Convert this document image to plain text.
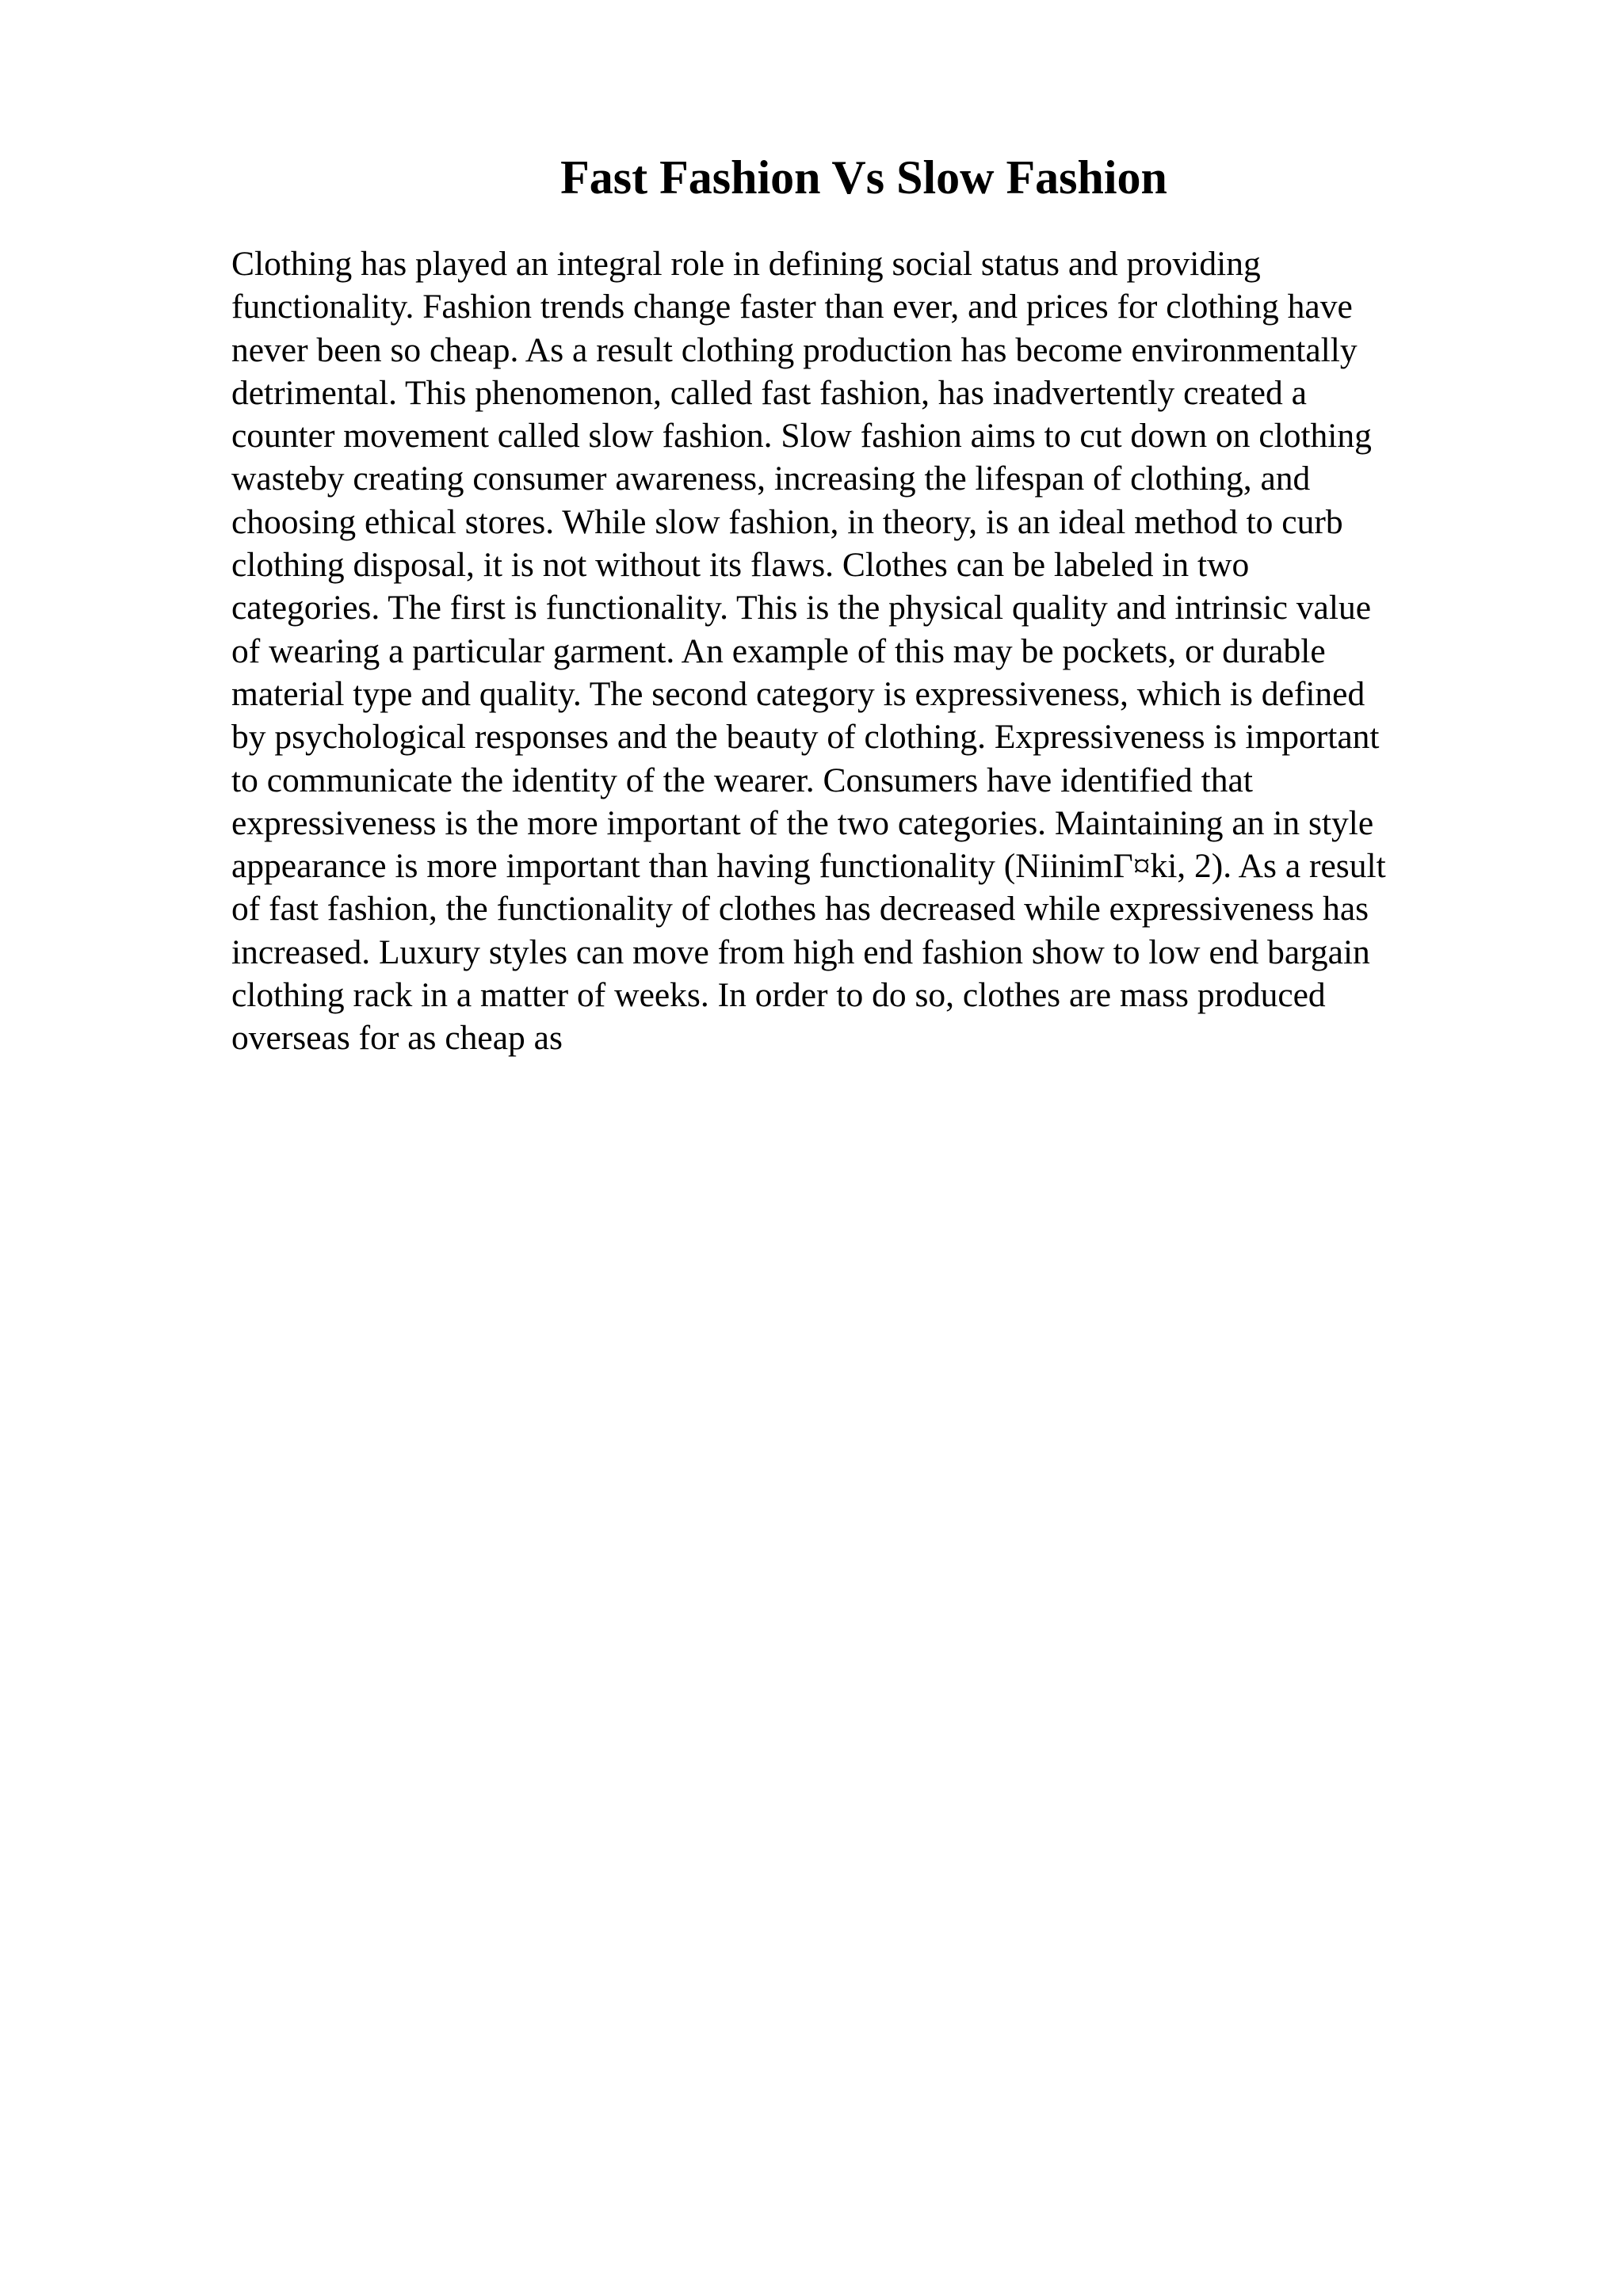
Fast Fashion Vs Slow Fashion
Clothing has played an integral role in defining social status and providing
functionality. Fashion trends change faster than ever, and prices for clothing have
never been so cheap. As a result clothing production has become environmentally
detrimental. This phenomenon, called fast fashion, has inadvertently created a
counter movement called slow fashion. Slow fashion aims to cut down on clothing
wasteby creating consumer awareness, increasing the lifespan of clothing, and
choosing ethical stores. While slow fashion, in theory, is an ideal method to curb
clothing disposal, it is not without its flaws. Clothes can be labeled in two
categories. The first is functionality. This is the physical quality and intrinsic value
of wearing a particular garment. An example of this may be pockets, or durable
material type and quality. The second category is expressiveness, which is defined
by psychological responses and the beauty of clothing. Expressiveness is important
to communicate the identity of the wearer. Consumers have identified that
expressiveness is the more important of the two categories. Maintaining an in style
appearance is more important than having functionality (NiinimΓ¤ki, 2). As a result
of fast fashion, the functionality of clothes has decreased while expressiveness has
increased. Luxury styles can move from high end fashion show to low end bargain
clothing rack in a matter of weeks. In order to do so, clothes are mass produced
overseas for as cheap as
